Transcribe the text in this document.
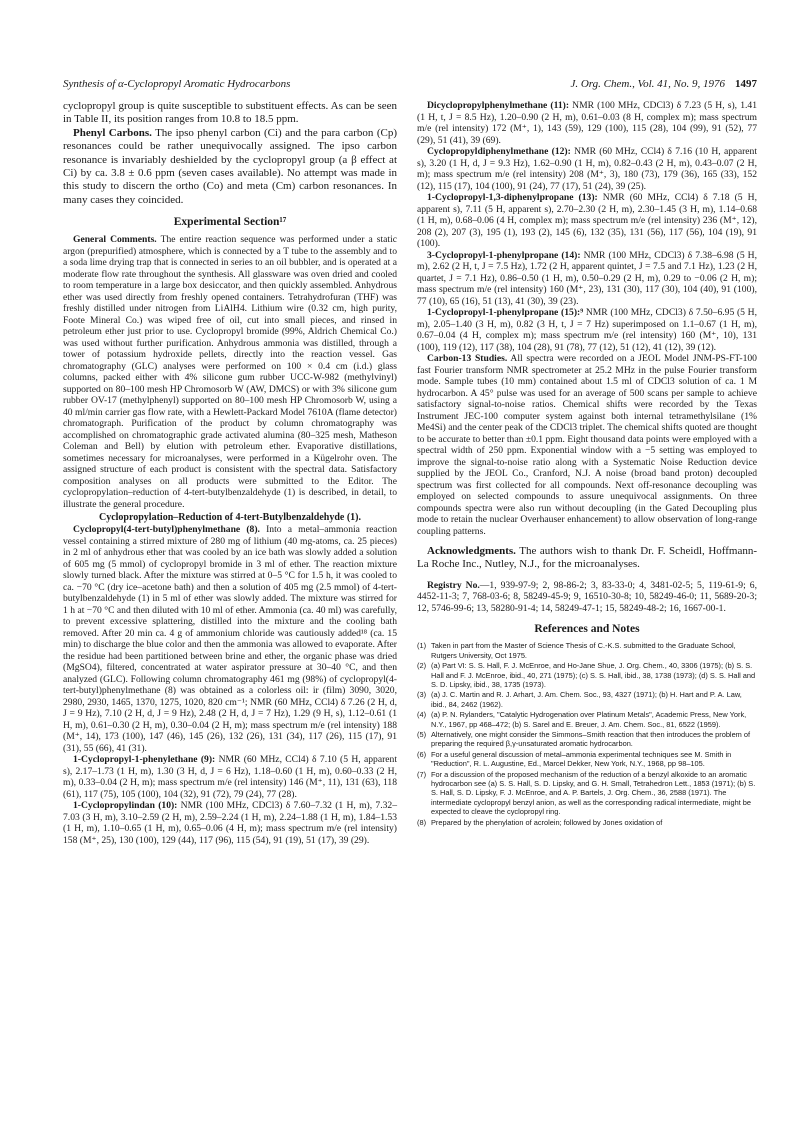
Synthesis of α-Cyclopropyl Aromatic Hydrocarbons	J. Org. Chem., Vol. 41, No. 9, 1976 1497

cyclopropyl group is quite susceptible to substituent effects. As can be seen in Table II, its position ranges from 10.8 to 18.5 ppm.

Phenyl Carbons. The ipso phenyl carbon (Ci) and the para carbon (Cp) resonances could be rather unequivocally assigned. The ipso carbon resonance is invariably deshielded by the cyclopropyl group (a β effect at Ci) by ca. 3.8 ± 0.6 ppm (seven cases available). No attempt was made in this study to discern the ortho (Co) and meta (Cm) carbon resonances. In many cases they coincided.

Experimental Section¹⁷

General Comments. The entire reaction sequence was performed under a static argon (prepurified) atmosphere, which is connected by a T tube to the assembly and to a soda lime drying trap that is connected in series to an oil bubbler, and is operated at a moderate flow rate throughout the synthesis. All glassware was oven dried and cooled to room temperature in a large box desiccator, and then quickly assembled. Anhydrous ether was used directly from freshly opened containers. Tetrahydrofuran (THF) was freshly distilled under nitrogen from LiAlH4. Lithium wire (0.32 cm, high purity, Foote Mineral Co.) was wiped free of oil, cut into small pieces, and rinsed in petroleum ether just prior to use. Cyclopropyl bromide (99%, Aldrich Chemical Co.) was used without further purification. Anhydrous ammonia was distilled, through a tower of potassium hydroxide pellets, directly into the reaction vessel. Gas chromatography (GLC) analyses were performed on 100 × 0.4 cm (i.d.) glass columns, packed either with 4% silicone gum rubber UCC-W-982 (methylvinyl) supported on 80–100 mesh HP Chromosorb W (AW, DMCS) or with 3% silicone gum rubber OV-17 (methylphenyl) supported on 80–100 mesh HP Chromosorb W, using a 40 ml/min carrier gas flow rate, with a Hewlett-Packard Model 7610A (flame detector) chromatograph. Purification of the product by column chromatography was accomplished on chromatographic grade activated alumina (80–325 mesh, Matheson Coleman and Bell) by elution with petroleum ether. Evaporative distillations, sometimes necessary for microanalyses, were performed in a Kügelrohr oven. The assigned structure of each product is consistent with the spectral data. Satisfactory composition analyses on all products were submitted to the Editor. The cyclopropylation–reduction of 4-tert-butylbenzaldehyde (1) is described, in detail, to illustrate the general procedure.

Cyclopropylation–Reduction of 4-tert-Butylbenzaldehyde (1).

Cyclopropyl(4-tert-butyl)phenylmethane (8). Into a metal–ammonia reaction vessel containing a stirred mixture of 280 mg of lithium (40 mg-atoms, ca. 25 pieces) in 2 ml of anhydrous ether that was cooled by an ice bath was slowly added a solution of 605 mg (5 mmol) of cyclopropyl bromide in 3 ml of ether. The reaction mixture slowly turned black. After the mixture was stirred at 0–5 °C for 1.5 h, it was cooled to ca. −70 °C (dry ice–acetone bath) and then a solution of 405 mg (2.5 mmol) of 4-tert-butylbenzaldehyde (1) in 5 ml of ether was slowly added. The mixture was stirred for 1 h at −70 °C and then diluted with 10 ml of ether. Ammonia (ca. 40 ml) was carefully, to prevent excessive splattering, distilled into the mixture and the cooling bath removed. After 20 min ca. 4 g of ammonium chloride was cautiously added¹⁸ (ca. 15 min) to discharge the blue color and then the ammonia was allowed to evaporate. After the residue had been partitioned between brine and ether, the organic phase was dried (MgSO4), filtered, concentrated at water aspirator pressure at 30–40 °C, and then analyzed (GLC). Following column chromatography 461 mg (98%) of cyclopropyl(4-tert-butyl)phenylmethane (8) was obtained as a colorless oil: ir (film) 3090, 3020, 2980, 2930, 1465, 1370, 1275, 1020, 820 cm⁻¹; NMR (60 MHz, CCl4) δ 7.26 (2 H, d, J = 9 Hz), 7.10 (2 H, d, J = 9 Hz), 2.48 (2 H, d, J = 7 Hz), 1.29 (9 H, s), 1.12–0.61 (1 H, m), 0.61–0.30 (2 H, m), 0.30–0.04 (2 H, m); mass spectrum m/e (rel intensity) 188 (M⁺, 14), 173 (100), 147 (46), 145 (26), 132 (26), 131 (34), 117 (26), 115 (17), 91 (31), 55 (66), 41 (31).

1-Cyclopropyl-1-phenylethane (9): NMR (60 MHz, CCl4) δ 7.10 (5 H, apparent s), 2.17–1.73 (1 H, m), 1.30 (3 H, d, J = 6 Hz), 1.18–0.60 (1 H, m), 0.60–0.33 (2 H, m), 0.33–0.04 (2 H, m); mass spectrum m/e (rel intensity) 146 (M⁺, 11), 131 (63), 118 (61), 117 (75), 105 (100), 104 (32), 91 (72), 79 (24), 77 (28).

1-Cyclopropylindan (10): NMR (100 MHz, CDCl3) δ 7.60–7.32 (1 H, m), 7.32–7.03 (3 H, m), 3.10–2.59 (2 H, m), 2.59–2.24 (1 H, m), 2.24–1.88 (1 H, m), 1.84–1.53 (1 H, m), 1.10–0.65 (1 H, m), 0.65–0.06 (4 H, m); mass spectrum m/e (rel intensity) 158 (M⁺, 25), 130 (100), 129 (44), 117 (96), 115 (54), 91 (19), 51 (17), 39 (29).

Dicyclopropylphenylmethane (11): NMR (100 MHz, CDCl3) δ 7.23 (5 H, s), 1.41 (1 H, t, J = 8.5 Hz), 1.20–0.90 (2 H, m), 0.61–0.03 (8 H, complex m); mass spectrum m/e (rel intensity) 172 (M⁺, 1), 143 (59), 129 (100), 115 (28), 104 (99), 91 (52), 77 (29), 51 (41), 39 (69).

Cyclopropyldiphenylmethane (12): NMR (60 MHz, CCl4) δ 7.16 (10 H, apparent s), 3.20 (1 H, d, J = 9.3 Hz), 1.62–0.90 (1 H, m), 0.82–0.43 (2 H, m), 0.43–0.07 (2 H, m); mass spectrum m/e (rel intensity) 208 (M⁺, 3), 180 (73), 179 (36), 165 (33), 152 (12), 115 (17), 104 (100), 91 (24), 77 (17), 51 (24), 39 (25).

1-Cyclopropyl-1,3-diphenylpropane (13): NMR (60 MHz, CCl4) δ 7.18 (5 H, apparent s), 7.11 (5 H, apparent s), 2.70–2.30 (2 H, m), 2.30–1.45 (3 H, m), 1.14–0.68 (1 H, m), 0.68–0.06 (4 H, complex m); mass spectrum m/e (rel intensity) 236 (M⁺, 12), 208 (2), 207 (3), 195 (1), 193 (2), 145 (6), 132 (35), 131 (56), 117 (56), 104 (19), 91 (100).

3-Cyclopropyl-1-phenylpropane (14): NMR (100 MHz, CDCl3) δ 7.38–6.98 (5 H, m), 2.62 (2 H, t, J = 7.5 Hz), 1.72 (2 H, apparent quintet, J = 7.5 and 7.1 Hz), 1.23 (2 H, quartet, J = 7.1 Hz), 0.86–0.50 (1 H, m), 0.50–0.29 (2 H, m), 0.29 to −0.06 (2 H, m); mass spectrum m/e (rel intensity) 160 (M⁺, 23), 131 (30), 117 (30), 104 (40), 91 (100), 77 (10), 65 (16), 51 (13), 41 (30), 39 (23).

1-Cyclopropyl-1-phenylpropane (15):⁹ NMR (100 MHz, CDCl3) δ 7.50–6.95 (5 H, m), 2.05–1.40 (3 H, m), 0.82 (3 H, t, J = 7 Hz) superimposed on 1.1–0.67 (1 H, m), 0.67–0.04 (4 H, complex m); mass spectrum m/e (rel intensity) 160 (M⁺, 10), 131 (100), 119 (12), 117 (38), 104 (28), 91 (78), 77 (12), 51 (12), 41 (12), 39 (12).

Carbon-13 Studies. All spectra were recorded on a JEOL Model JNM-PS-FT-100 fast Fourier transform NMR spectrometer at 25.2 MHz in the pulse Fourier transform mode. Sample tubes (10 mm) contained about 1.5 ml of CDCl3 solution of ca. 1 M hydrocarbon. A 45° pulse was used for an average of 500 scans per sample to achieve satisfactory signal-to-noise ratios. Chemical shifts were recorded by the Texas Instrument JEC-100 computer system against both internal tetramethylsilane (1% Me4Si) and the center peak of the CDCl3 triplet. The chemical shifts quoted are thought to be accurate to better than ±0.1 ppm. Eight thousand data points were employed with a spectral width of 250 ppm. Exponential window with a −5 setting was employed to improve the signal-to-noise ratio along with a Systematic Noise Reduction device supplied by the JEOL Co., Cranford, N.J. A noise (broad band proton) decoupled spectrum was first collected for all compounds. Next off-resonance decoupling was employed on selected compounds to assure unequivocal assignments. On three compounds spectra were also run without decoupling (in the Gated Decoupling plus mode to retain the nuclear Overhauser enhancement) to allow observation of long-range coupling patterns.

Acknowledgments. The authors wish to thank Dr. F. Scheidl, Hoffmann-La Roche Inc., Nutley, N.J., for the microanalyses.

Registry No.—1, 939-97-9; 2, 98-86-2; 3, 83-33-0; 4, 3481-02-5; 5, 119-61-9; 6, 4452-11-3; 7, 768-03-6; 8, 58249-45-9; 9, 16510-30-8; 10, 58249-46-0; 11, 5689-20-3; 12, 5746-99-6; 13, 58280-91-4; 14, 58249-47-1; 15, 58249-48-2; 16, 1667-00-1.

References and Notes
(1) Taken in part from the Master of Science Thesis of C.-K.S. submitted to the Graduate School, Rutgers University, Oct 1975.
(2) (a) Part VI: S. S. Hall, F. J. McEnroe, and Ho-Jane Shue, J. Org. Chem., 40, 3306 (1975); (b) S. S. Hall and F. J. McEnroe, ibid., 40, 271 (1975); (c) S. S. Hall, ibid., 38, 1738 (1973); (d) S. S. Hall and S. D. Lipsky, ibid., 38, 1735 (1973).
(3) (a) J. C. Martin and R. J. Arhart, J. Am. Chem. Soc., 93, 4327 (1971); (b) H. Hart and P. A. Law, ibid., 84, 2462 (1962).
(4) (a) P. N. Rylanders, "Catalytic Hydrogenation over Platinum Metals", Academic Press, New York, N.Y., 1967, pp 468–472; (b) S. Sarel and E. Breuer, J. Am. Chem. Soc., 81, 6522 (1959).
(5) Alternatively, one might consider the Simmons–Smith reaction that then introduces the problem of preparing the required β,γ-unsaturated aromatic hydrocarbon.
(6) For a useful general discussion of metal–ammonia experimental techniques see M. Smith in "Reduction", R. L. Augustine, Ed., Marcel Dekker, New York, N.Y., 1968, pp 98–105.
(7) For a discussion of the proposed mechanism of the reduction of a benzyl alkoxide to an aromatic hydrocarbon see (a) S. S. Hall, S. D. Lipsky, and G. H. Small, Tetrahedron Lett., 1853 (1971); (b) S. S. Hall, S. D. Lipsky, F. J. McEnroe, and A. P. Bartels, J. Org. Chem., 36, 2588 (1971). The intermediate cyclopropyl benzyl anion, as well as the corresponding radical intermediate, might be expected to cleave the cyclopropyl ring.
(8) Prepared by the phenylation of acrolein; followed by Jones oxidation of
